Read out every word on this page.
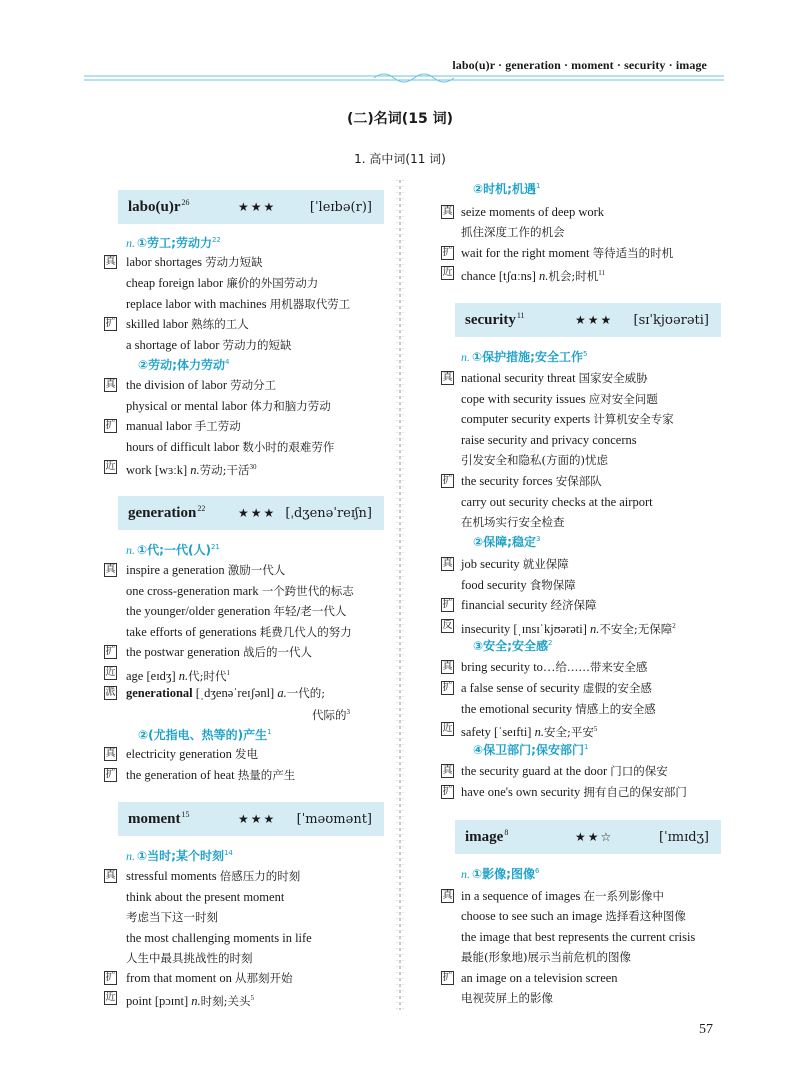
labo(u)r · generation · moment · security · image
(二)名词(15 词)
1. 高中词(11 词)
$labo(u)r^{26}$	★★★	[ˈleɪbə(r)]
n. ①劳工;劳动力$^{22}$
真 labor shortages 劳动力短缺
cheap foreign labor 廉价的外国劳动力
replace labor with machines 用机器取代劳工
扩 skilled labor 熟练的工人
a shortage of labor 劳动力的短缺
②劳动;体力劳动$^4$
真 the division of labor 劳动分工
physical or mental labor 体力和脑力劳动
扩 manual labor 手工劳动
hours of difficult labor 数小时的艰难劳作
近 work [wɜːk] n.劳动;干活$^{30}$
generation$^{22}$	★★★ [ˌdʒenəˈreɪʃn]
n. ①代;一代(人)$^{21}$
真 inspire a generation 激励一代人
one cross-generation mark 一个跨世代的标志
the younger/older generation 年轻/老一代人
take efforts of generations 耗费几代人的努力
扩 the postwar generation 战后的一代人
近 age [eɪdʒ] n.代;时代$^1$
派 generational [ˌdʒenəˈreɪʃənl] a.一代的;
代际的$^3$
②(尤指电、热等的)产生$^1$
真 electricity generation 发电
扩 the generation of heat 热量的产生
moment$^{15}$	★★★ [ˈməʊmənt]
n. ①当时;某个时刻$^{14}$
真 stressful moments 倍感压力的时刻
think about the present moment
考虑当下这一时刻
the most challenging moments in life
人生中最具挑战性的时刻
扩 from that moment on 从那刻开始
近 point [pɔɪnt] n.时刻;关头$^5$
②时机;机遇$^1$
真 seize moments of deep work
抓住深度工作的机会
扩 wait for the right moment 等待适当的时机
近 chance [tʃɑːns] n.机会;时机$^{11}$
security$^{11}$	★★★ [sɪˈkjʊərəti]
n. ①保护措施;安全工作$^5$
真 national security threat 国家安全威胁
cope with security issues 应对安全问题
computer security experts 计算机安全专家
raise security and privacy concerns
引发安全和隐私(方面的)忧虑
扩 the security forces 安保部队
carry out security checks at the airport
在机场实行安全检查
②保障;稳定$^3$
真 job security 就业保障
food security 食物保障
扩 financial security 经济保障
反 insecurity [ˌɪnsɪˈkjʊərəti] n.不安全;无保障$^2$
③安全;安全感$^2$
真 bring security to…给……带来安全感
扩 a false sense of security 虚假的安全感
the emotional security 情感上的安全感
近 safety [ˈseɪfti] n.安全;平安$^5$
④保卫部门;保安部门$^1$
真 the security guard at the door 门口的保安
扩 have one's own security 拥有自己的保安部门
image$^8$	★★☆	[ˈɪmɪdʒ]
n. ①影像;图像$^6$
真 in a sequence of images 在一系列影像中
choose to see such an image 选择看这种图像
the image that best represents the current crisis
最能(形象地)展示当前危机的图像
扩 an image on a television screen
电视荧屏上的影像
57
